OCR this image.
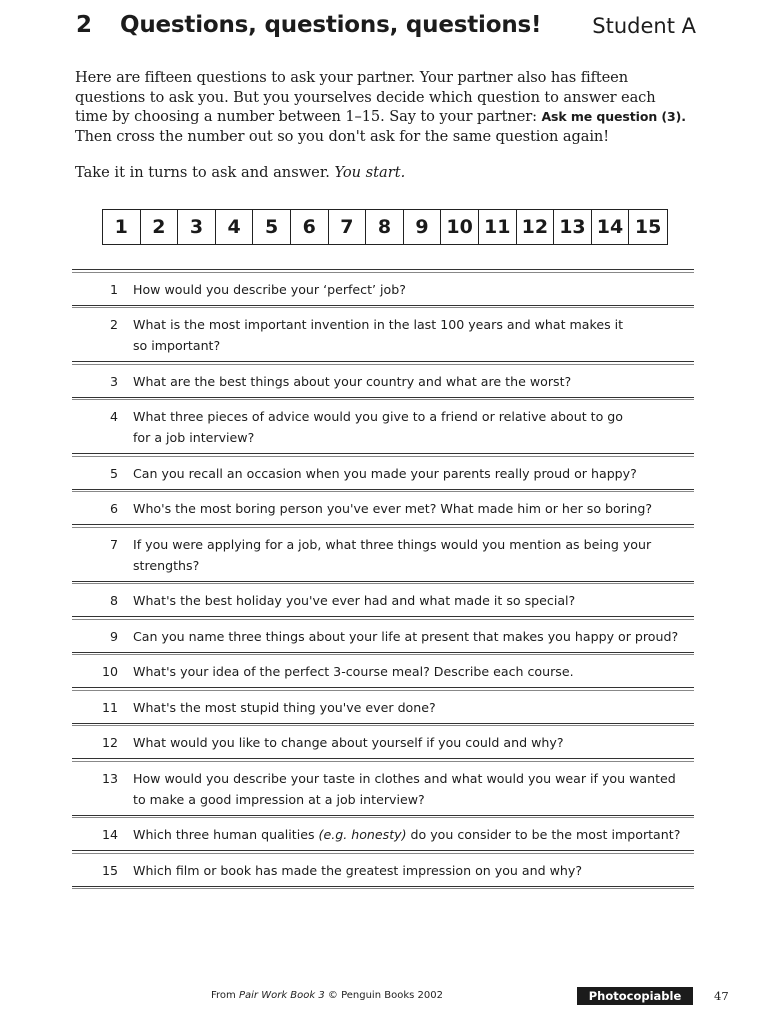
2 Questions, questions, questions! Student A
Here are fifteen questions to ask your partner. Your partner also has fifteen
questions to ask you. But you yourselves decide which question to answer each
time by choosing a number between 1–15. Say to your partner: Ask me question (3).
Then cross the number out so you don't ask for the same question again!
Take it in turns to ask and answer. You start.
1	2	3	4	5	6	7	8	9 10 11 12 13 14 15
1 How would you describe your ‘perfect’ job?
2 What is the most important invention in the last 100 years and what makes it
so important?
3 What are the best things about your country and what are the worst?
4 What three pieces of advice would you give to a friend or relative about to go
for a job interview?
5 Can you recall an occasion when you made your parents really proud or happy?
6 Who's the most boring person you've ever met? What made him or her so boring?
7 If you were applying for a job, what three things would you mention as being your
strengths?
8 What's the best holiday you've ever had and what made it so special?
9 Can you name three things about your life at present that makes you happy or proud?
10 What's your idea of the perfect 3-course meal? Describe each course.
11 What's the most stupid thing you've ever done?
12 What would you like to change about yourself if you could and why?
13 How would you describe your taste in clothes and what would you wear if you wanted
to make a good impression at a job interview?
14 Which three human qualities (e.g. honesty) do you consider to be the most important?
15 Which film or book has made the greatest impression on you and why?
From Pair Work Book 3 © Penguin Books 2002	Photocopiable	47
